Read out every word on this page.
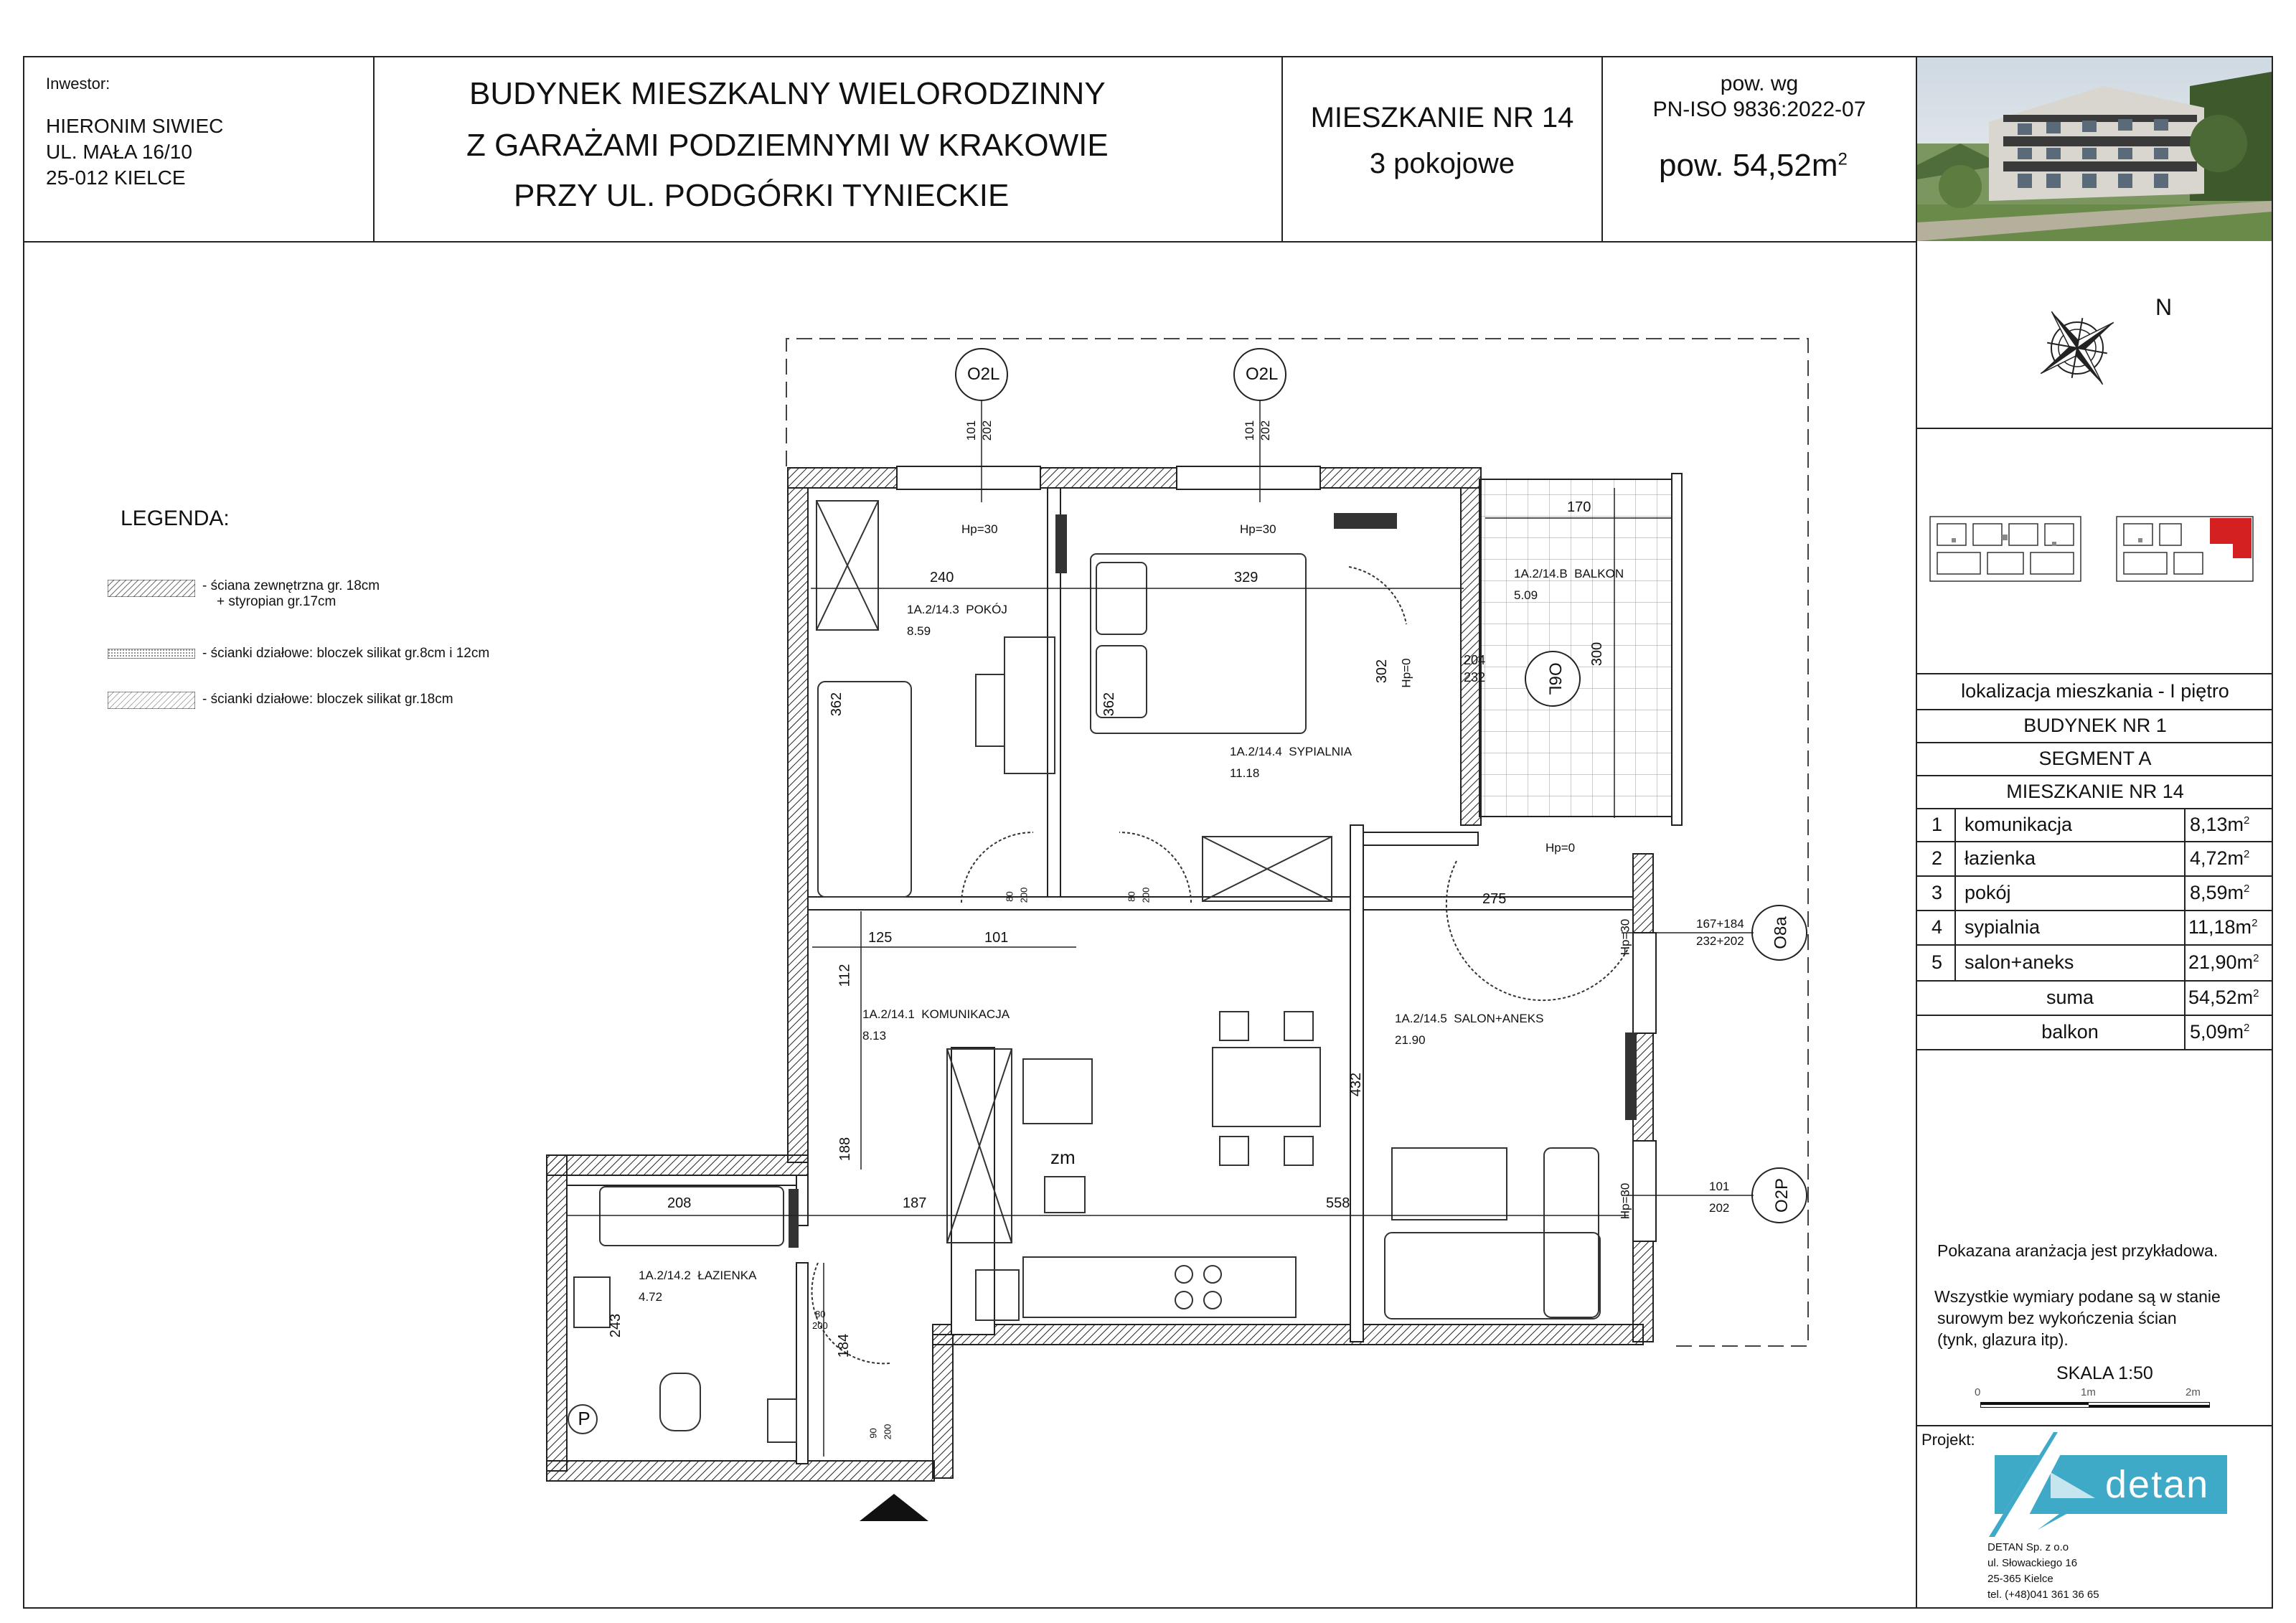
Inwestor:
HIERONIM SIWIEC
UL. MAŁA 16/10
25-012 KIELCE
BUDYNEK MIESZKALNY WIELORODZINNY
Z GARAŻAMI PODZIEMNYMI W KRAKOWIE
PRZY UL. PODGÓRKI TYNIECKIE
MIESZKANIE NR 14
3 pokojowe
pow. wg
PN-ISO 9836:2022-07
pow. $54,52m^2$
N
lokalizacja mieszkania - I piętro
BUDYNEK NR 1
SEGMENT A
MIESZKANIE NR 14
1 komunikacja	$8,13m^2$
2 łazienka	$4,72m^2$
3 pokój	$8,59m^2$
4 sypialnia	$11,18m^2$
5 salon+aneks	$21,90m^2$
suma	$54,52m^2$
balkon	$5,09m^2$
Pokazana aranżacja jest przykładowa.
Wszystkie wymiary podane są w stanie
surowym bez wykończenia ścian
(tynk, glazura itp).
SKALA 1:50
0	1m	2m
Projekt:
detan
DETAN Sp. z o.o
ul. Słowackiego 16
25-365 Kielce
tel. (+48)041 361 36 65
LEGENDA:
- ściana zewnętrzna gr. 18cm
+ styropian gr.17cm
- ścianki działowe: bloczek silikat gr.8cm i 12cm
- ścianki działowe: bloczek silikat gr.18cm
O2L	O2L
O6L
O8a
O2P
101 202	101 202
Hp=30	Hp=30
Hp=0
Hp=0
Hp=30
Hp=30
240	329
170
300
204
232
362	362
302
125	101
275
112
188
432
208	187	558
243
184
167+184
232+202
101
202
80 200	80 200
80
200
90 200
1A.2/14.3 POKÓJ
8.59
1A.2/14.4 SYPIALNIA
11.18
1A.2/14.B BALKON
5.09
1A.2/14.1 KOMUNIKACJA
8.13
1A.2/14.5 SALON+ANEKS
21.90
1A.2/14.2 ŁAZIENKA
4.72
zm
P
